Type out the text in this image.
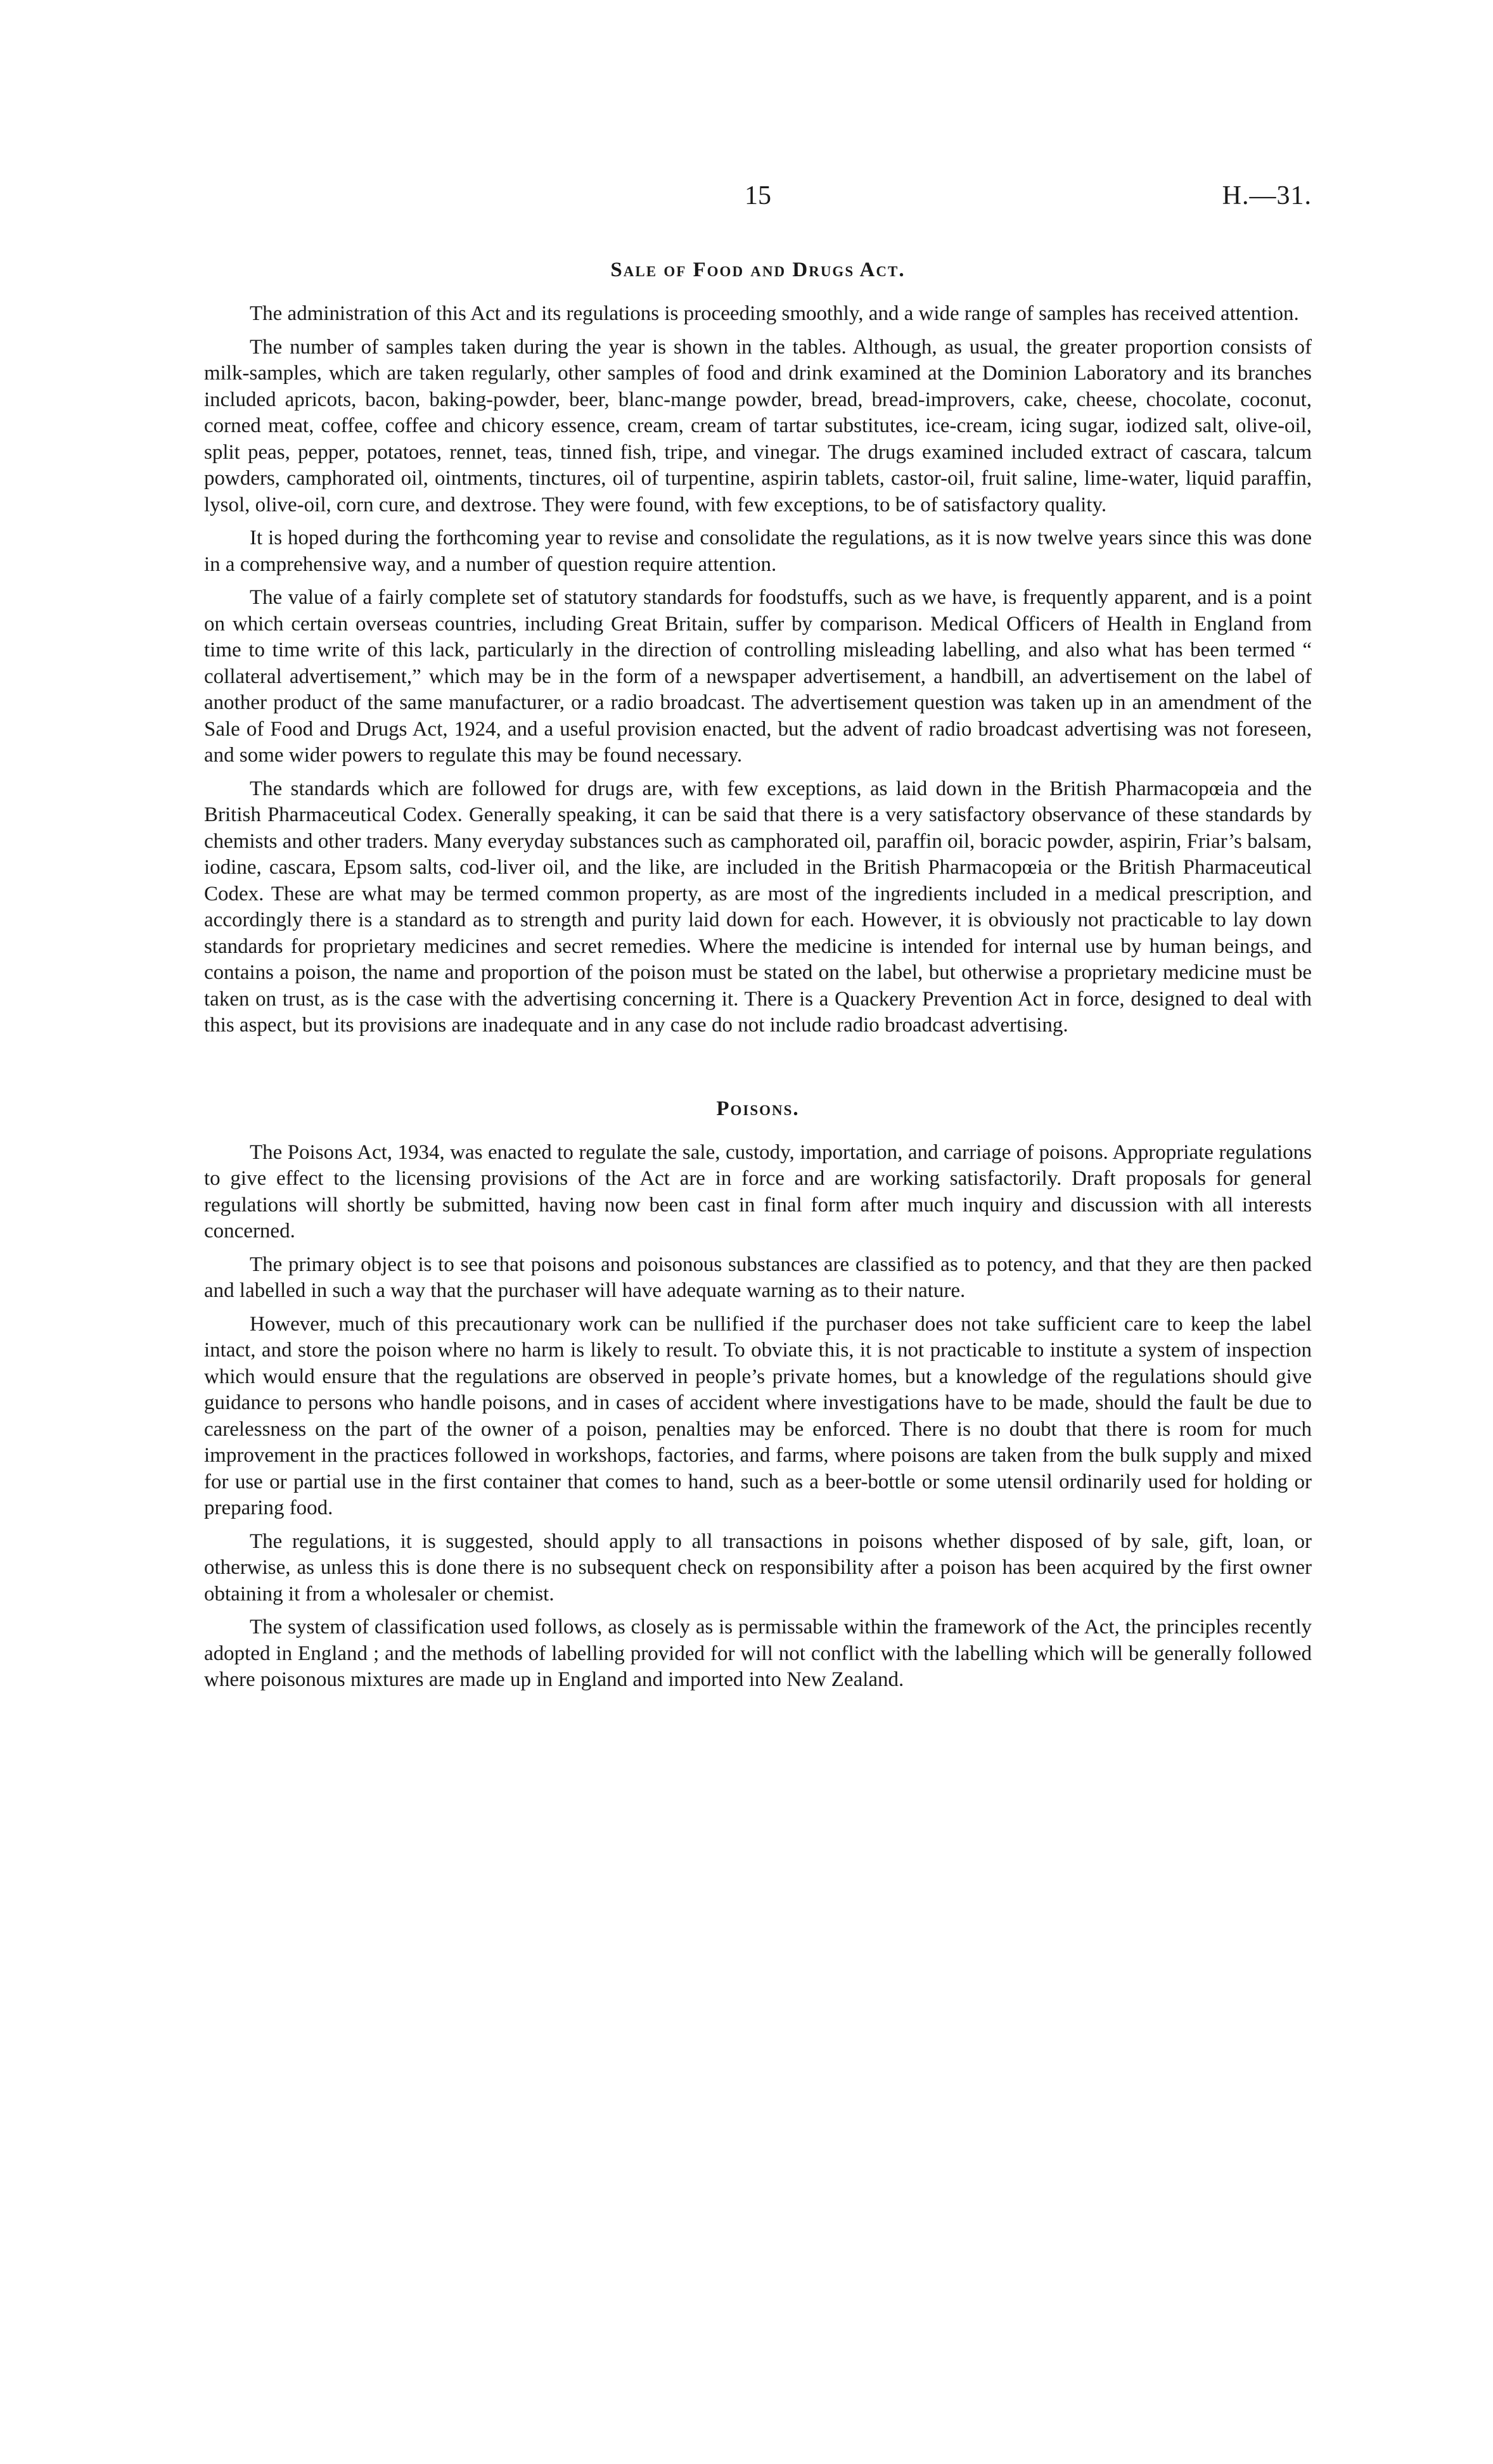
15	H.—31.
Sale of Food and Drugs Act.

The administration of this Act and its regulations is proceeding smoothly, and a wide range of samples has received attention.

The number of samples taken during the year is shown in the tables. Although, as usual, the greater proportion consists of milk-samples, which are taken regularly, other samples of food and drink examined at the Dominion Laboratory and its branches included apricots, bacon, baking-powder, beer, blanc-mange powder, bread, bread-improvers, cake, cheese, chocolate, coconut, corned meat, coffee, coffee and chicory essence, cream, cream of tartar substitutes, ice-cream, icing sugar, iodized salt, olive-oil, split peas, pepper, potatoes, rennet, teas, tinned fish, tripe, and vinegar. The drugs examined included extract of cascara, talcum powders, camphorated oil, ointments, tinctures, oil of turpentine, aspirin tablets, castor-oil, fruit saline, lime-water, liquid paraffin, lysol, olive-oil, corn cure, and dextrose. They were found, with few exceptions, to be of satisfactory quality.

It is hoped during the forthcoming year to revise and consolidate the regulations, as it is now twelve years since this was done in a comprehensive way, and a number of question require attention.

The value of a fairly complete set of statutory standards for foodstuffs, such as we have, is frequently apparent, and is a point on which certain overseas countries, including Great Britain, suffer by comparison. Medical Officers of Health in England from time to time write of this lack, particularly in the direction of controlling misleading labelling, and also what has been termed “ collateral advertisement,” which may be in the form of a newspaper advertisement, a handbill, an advertisement on the label of another product of the same manufacturer, or a radio broadcast. The advertisement question was taken up in an amendment of the Sale of Food and Drugs Act, 1924, and a useful provision enacted, but the advent of radio broadcast advertising was not foreseen, and some wider powers to regulate this may be found necessary.

The standards which are followed for drugs are, with few exceptions, as laid down in the British Pharmacopœia and the British Pharmaceutical Codex. Generally speaking, it can be said that there is a very satisfactory observance of these standards by chemists and other traders. Many everyday substances such as camphorated oil, paraffin oil, boracic powder, aspirin, Friar’s balsam, iodine, cascara, Epsom salts, cod-liver oil, and the like, are included in the British Pharmacopœia or the British Pharmaceutical Codex. These are what may be termed common property, as are most of the ingredients included in a medical prescription, and accordingly there is a standard as to strength and purity laid down for each. However, it is obviously not practicable to lay down standards for proprietary medicines and secret remedies. Where the medicine is intended for internal use by human beings, and contains a poison, the name and proportion of the poison must be stated on the label, but otherwise a proprietary medicine must be taken on trust, as is the case with the advertising concerning it. There is a Quackery Prevention Act in force, designed to deal with this aspect, but its provisions are inadequate and in any case do not include radio broadcast advertising.

Poisons.

The Poisons Act, 1934, was enacted to regulate the sale, custody, importation, and carriage of poisons. Appropriate regulations to give effect to the licensing provisions of the Act are in force and are working satisfactorily. Draft proposals for general regulations will shortly be submitted, having now been cast in final form after much inquiry and discussion with all interests concerned.

The primary object is to see that poisons and poisonous substances are classified as to potency, and that they are then packed and labelled in such a way that the purchaser will have adequate warning as to their nature.

However, much of this precautionary work can be nullified if the purchaser does not take sufficient care to keep the label intact, and store the poison where no harm is likely to result. To obviate this, it is not practicable to institute a system of inspection which would ensure that the regulations are observed in people’s private homes, but a knowledge of the regulations should give guidance to persons who handle poisons, and in cases of accident where investigations have to be made, should the fault be due to carelessness on the part of the owner of a poison, penalties may be enforced. There is no doubt that there is room for much improvement in the practices followed in workshops, factories, and farms, where poisons are taken from the bulk supply and mixed for use or partial use in the first container that comes to hand, such as a beer-bottle or some utensil ordinarily used for holding or preparing food.

The regulations, it is suggested, should apply to all transactions in poisons whether disposed of by sale, gift, loan, or otherwise, as unless this is done there is no subsequent check on responsibility after a poison has been acquired by the first owner obtaining it from a wholesaler or chemist.

The system of classification used follows, as closely as is permissable within the framework of the Act, the principles recently adopted in England ; and the methods of labelling provided for will not conflict with the labelling which will be generally followed where poisonous mixtures are made up in England and imported into New Zealand.
